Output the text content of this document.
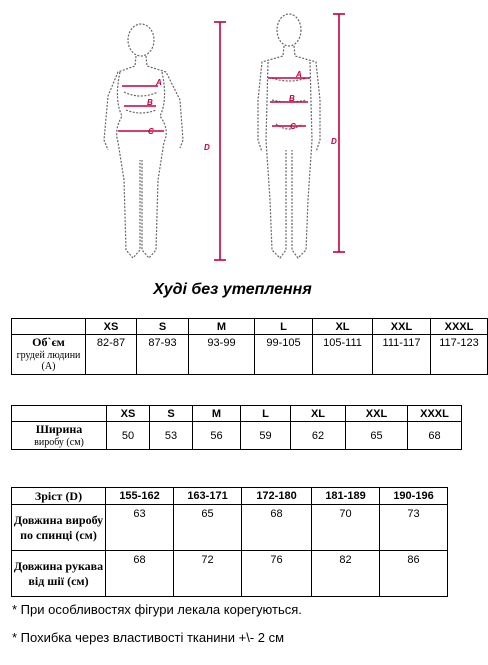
A
B
C
D
A
B
C
D
Худі без утеплення
	XS	S	M	L	XL	XXL	XXXL

Об`єм
грудей людини (А)	82-87	87-93	93-99	99-105	105-111	111-117	117-123
	XS	S	M	L	XL	XXL	XXXL

Ширина
виробу (см)	50	53	56	59	62	65	68
Зріст (D)	155-162	163-171	172-180	181-189	190-196
Довжина виробу по спинці (см)	63	65	68	70	73
Довжина рукава від шії (см)	68	72	76	82	86
* При особливостях фігури лекала корегуються.
* Похибка через властивості тканини +\- 2 см
